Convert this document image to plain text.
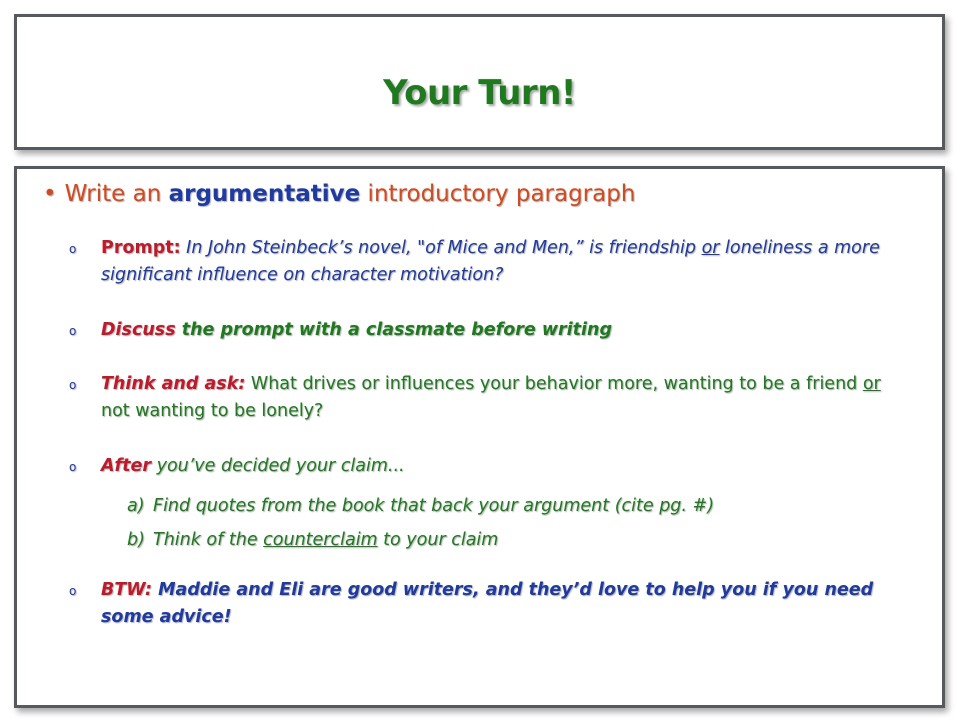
Your Turn!
• Write an argumentative introductory paragraph
o Prompt: In John Steinbeck’s novel, "of Mice and Men,” is friendship or loneliness a more significant influence on character motivation?
o Discuss the prompt with a classmate before writing
o Think and ask: What drives or influences your behavior more, wanting to be a friend or not wanting to be lonely?
o After you’ve decided your claim...
a) Find quotes from the book that back your argument (cite pg. #)
b) Think of the counterclaim to your claim
o BTW: Maddie and Eli are good writers, and they’d love to help you if you need some advice!
